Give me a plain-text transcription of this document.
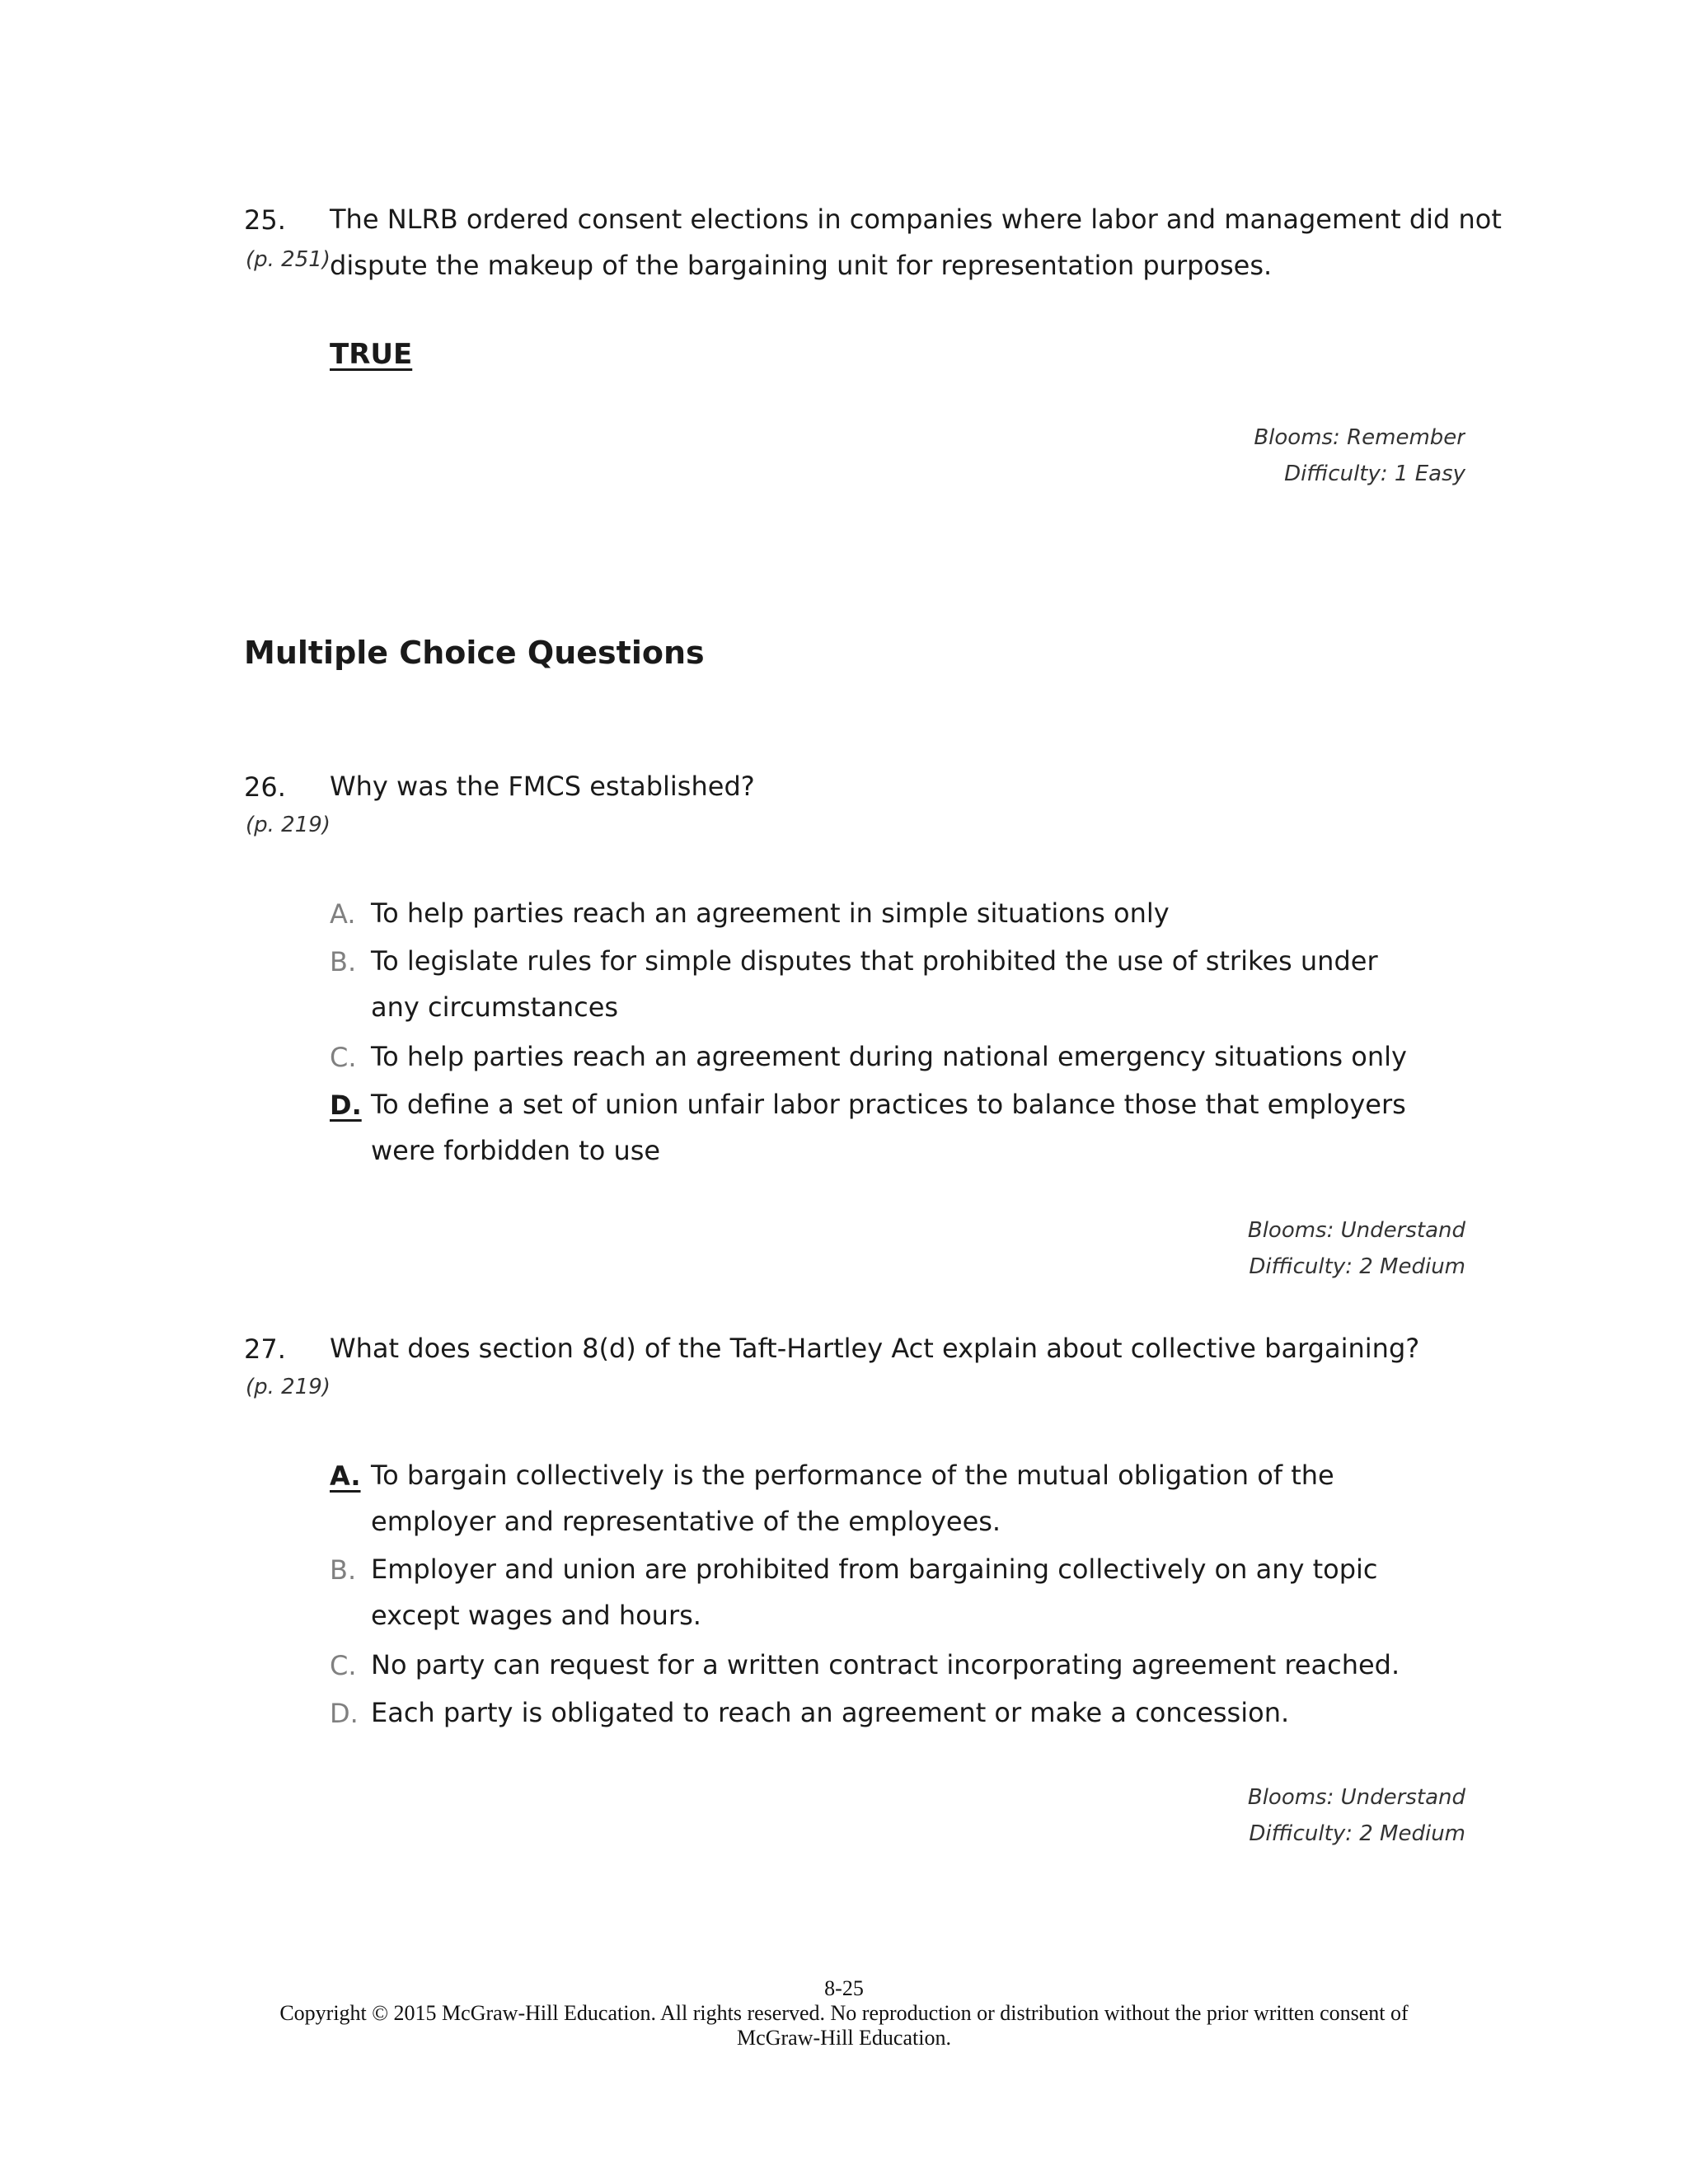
25. The NLRB ordered consent elections in companies where labor and management did not
(p. 251) dispute the makeup of the bargaining unit for representation purposes.
TRUE
Blooms: Remember
Difficulty: 1 Easy
Multiple Choice Questions
26. Why was the FMCS established?
(p. 219)
A. To help parties reach an agreement in simple situations only
B. To legislate rules for simple disputes that prohibited the use of strikes under any circumstances
C. To help parties reach an agreement during national emergency situations only
D. To define a set of union unfair labor practices to balance those that employers were forbidden to use
Blooms: Understand
Difficulty: 2 Medium
27. What does section 8(d) of the Taft-Hartley Act explain about collective bargaining?
(p. 219)
A. To bargain collectively is the performance of the mutual obligation of the employer and representative of the employees.
B. Employer and union are prohibited from bargaining collectively on any topic except wages and hours.
C. No party can request for a written contract incorporating agreement reached.
D. Each party is obligated to reach an agreement or make a concession.
Blooms: Understand
Difficulty: 2 Medium
8-25
Copyright © 2015 McGraw-Hill Education. All rights reserved. No reproduction or distribution without the prior written consent of
McGraw-Hill Education.
